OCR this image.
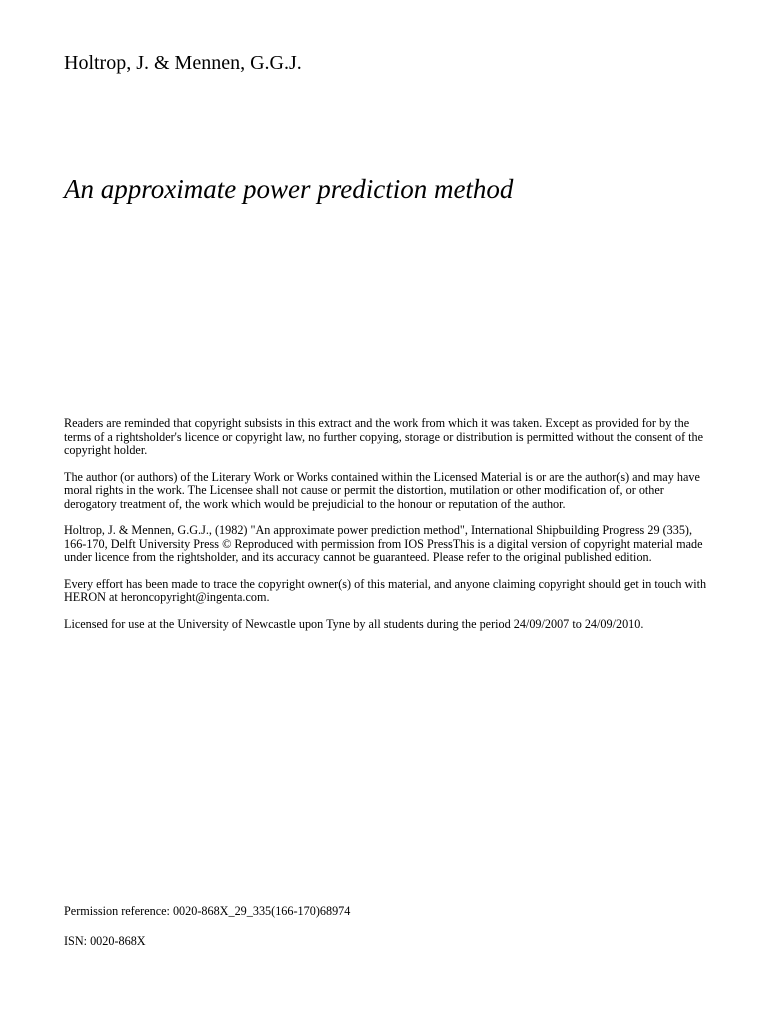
Holtrop, J. & Mennen, G.G.J.
An approximate power prediction method

Readers are reminded that copyright subsists in this extract and the work from which it was taken. Except as provided for by the terms of a rightsholder's licence or copyright law, no further copying, storage or distribution is permitted without the consent of the copyright holder.

The author (or authors) of the Literary Work or Works contained within the Licensed Material is or are the author(s) and may have moral rights in the work. The Licensee shall not cause or permit the distortion, mutilation or other modification of, or other derogatory treatment of, the work which would be prejudicial to the honour or reputation of the author.

Holtrop, J. & Mennen, G.G.J., (1982) "An approximate power prediction method", International Shipbuilding Progress 29 (335), 166-170, Delft University Press © Reproduced with permission from IOS PressThis is a digital version of copyright material made under licence from the rightsholder, and its accuracy cannot be guaranteed. Please refer to the original published edition.

Every effort has been made to trace the copyright owner(s) of this material, and anyone claiming copyright should get in touch with HERON at heroncopyright@ingenta.com.

Licensed for use at the University of Newcastle upon Tyne by all students during the period 24/09/2007 to 24/09/2010.

Permission reference: 0020-868X_29_335(166-170)68974

ISN: 0020-868X
